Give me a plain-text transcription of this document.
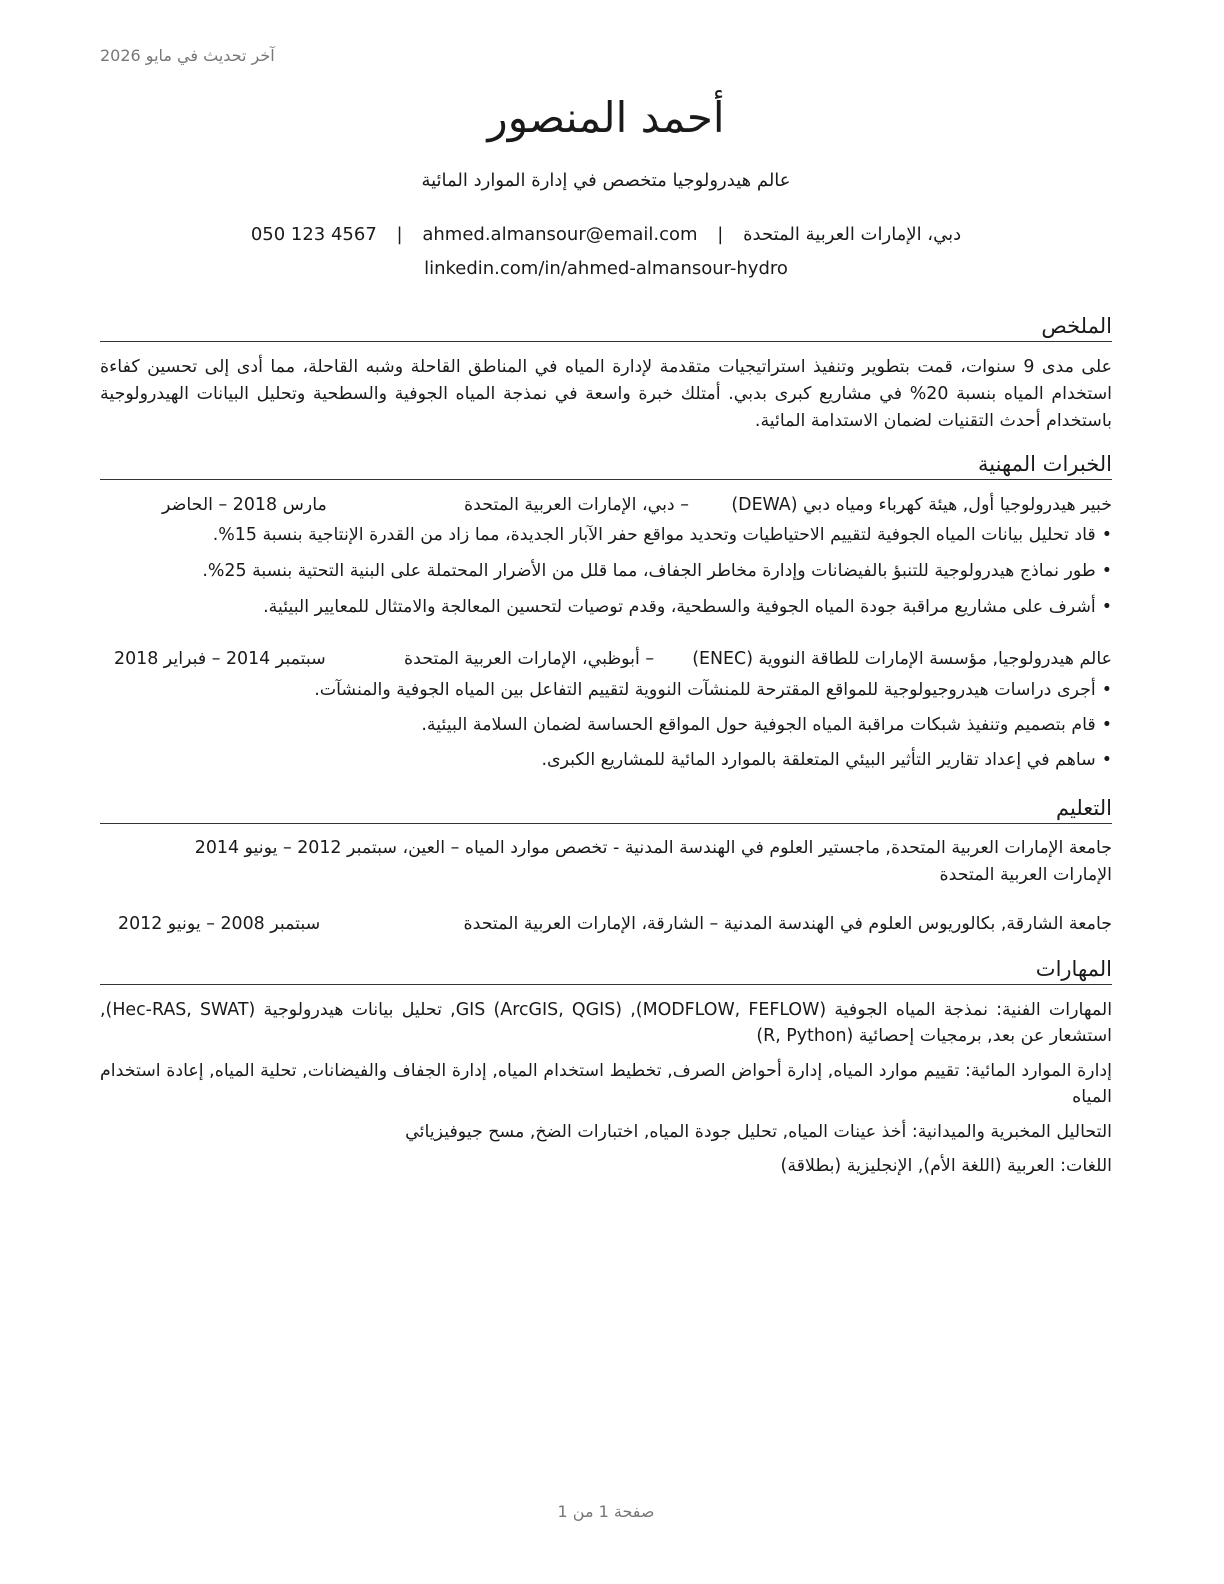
آخر تحديث في مايو 2026
أحمد المنصور
عالم هيدرولوجيا متخصص في إدارة الموارد المائية
دبي، الإمارات العربية المتحدة | ahmed.almansour@email.com | 050 123 4567
linkedin.com/in/ahmed-almansour-hydro
الملخص
على مدى 9 سنوات، قمت بتطوير وتنفيذ استراتيجيات متقدمة لإدارة المياه في المناطق القاحلة وشبه القاحلة، مما أدى إلى تحسين كفاءة استخدام المياه بنسبة 20% في مشاريع كبرى بدبي. أمتلك خبرة واسعة في نمذجة المياه الجوفية والسطحية وتحليل البيانات الهيدرولوجية باستخدام أحدث التقنيات لضمان الاستدامة المائية.
الخبرات المهنية
خبير هيدرولوجيا أول, هيئة كهرباء ومياه دبي (DEWA)
– دبي، الإمارات العربية المتحدة
مارس 2018 – الحاضر
•قاد تحليل بيانات المياه الجوفية لتقييم الاحتياطيات وتحديد مواقع حفر الآبار الجديدة، مما زاد من القدرة الإنتاجية بنسبة 15%.
•طور نماذج هيدرولوجية للتنبؤ بالفيضانات وإدارة مخاطر الجفاف، مما قلل من الأضرار المحتملة على البنية التحتية بنسبة 25%.
•أشرف على مشاريع مراقبة جودة المياه الجوفية والسطحية، وقدم توصيات لتحسين المعالجة والامتثال للمعايير البيئية.
عالم هيدرولوجيا, مؤسسة الإمارات للطاقة النووية (ENEC)
– أبوظبي، الإمارات العربية المتحدة
سبتمبر 2014 – فبراير 2018
•أجرى دراسات هيدروجيولوجية للمواقع المقترحة للمنشآت النووية لتقييم التفاعل بين المياه الجوفية والمنشآت.
•قام بتصميم وتنفيذ شبكات مراقبة المياه الجوفية حول المواقع الحساسة لضمان السلامة البيئية.
•ساهم في إعداد تقارير التأثير البيئي المتعلقة بالموارد المائية للمشاريع الكبرى.
التعليم
جامعة الإمارات العربية المتحدة, ماجستير العلوم في الهندسة المدنية - تخصص موارد المياه – العين، سبتمبر 2012 – يونيو 2014
الإمارات العربية المتحدة
جامعة الشارقة, بكالوريوس العلوم في الهندسة المدنية – الشارقة، الإمارات العربية المتحدة
سبتمبر 2008 – يونيو 2012
المهارات
المهارات الفنية: نمذجة المياه الجوفية (MODFLOW, FEFLOW), GIS (ArcGIS, QGIS), تحليل بيانات هيدرولوجية (Hec-RAS, SWAT), استشعار عن بعد, برمجيات إحصائية (R, Python)
إدارة الموارد المائية: تقييم موارد المياه, إدارة أحواض الصرف, تخطيط استخدام المياه, إدارة الجفاف والفيضانات, تحلية المياه, إعادة استخدام المياه
التحاليل المخبرية والميدانية: أخذ عينات المياه, تحليل جودة المياه, اختبارات الضخ, مسح جيوفيزيائي
اللغات: العربية (اللغة الأم), الإنجليزية (بطلاقة)
صفحة 1 من 1
